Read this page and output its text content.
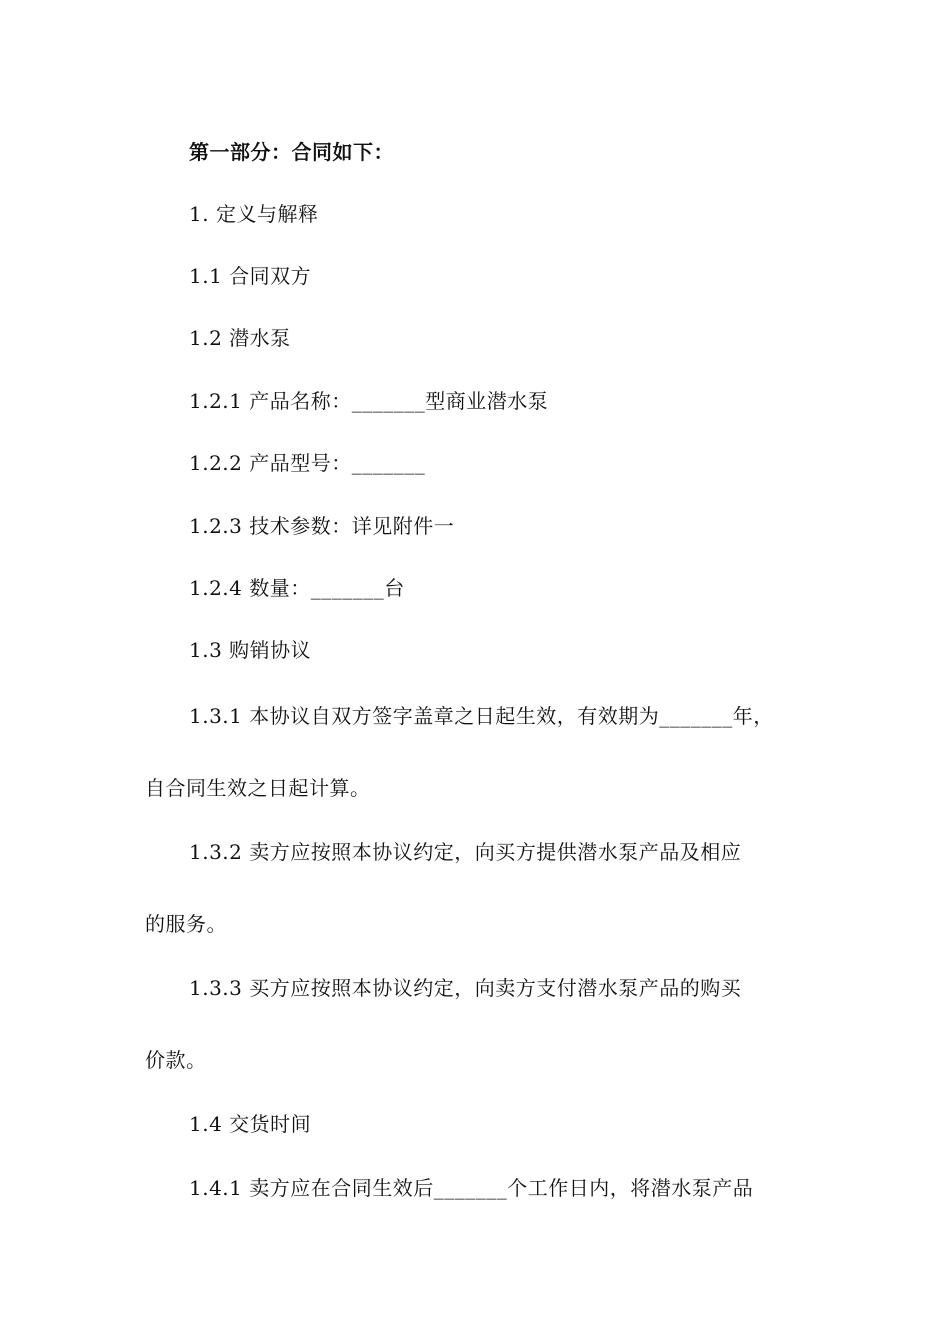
第一部分：合同如下：
1. 定义与解释
1.1 合同双方
1.2 潜水泵
1.2.1 产品名称：_______型商业潜水泵
1.2.2 产品型号：_______
1.2.3 技术参数：详见附件一
1.2.4 数量：_______台
1.3 购销协议
1.3.1 本协议自双方签字盖章之日起生效，有效期为_______年，
自合同生效之日起计算。
1.3.2 卖方应按照本协议约定，向买方提供潜水泵产品及相应
的服务。
1.3.3 买方应按照本协议约定，向卖方支付潜水泵产品的购买
价款。
1.4 交货时间
1.4.1 卖方应在合同生效后_______个工作日内，将潜水泵产品
